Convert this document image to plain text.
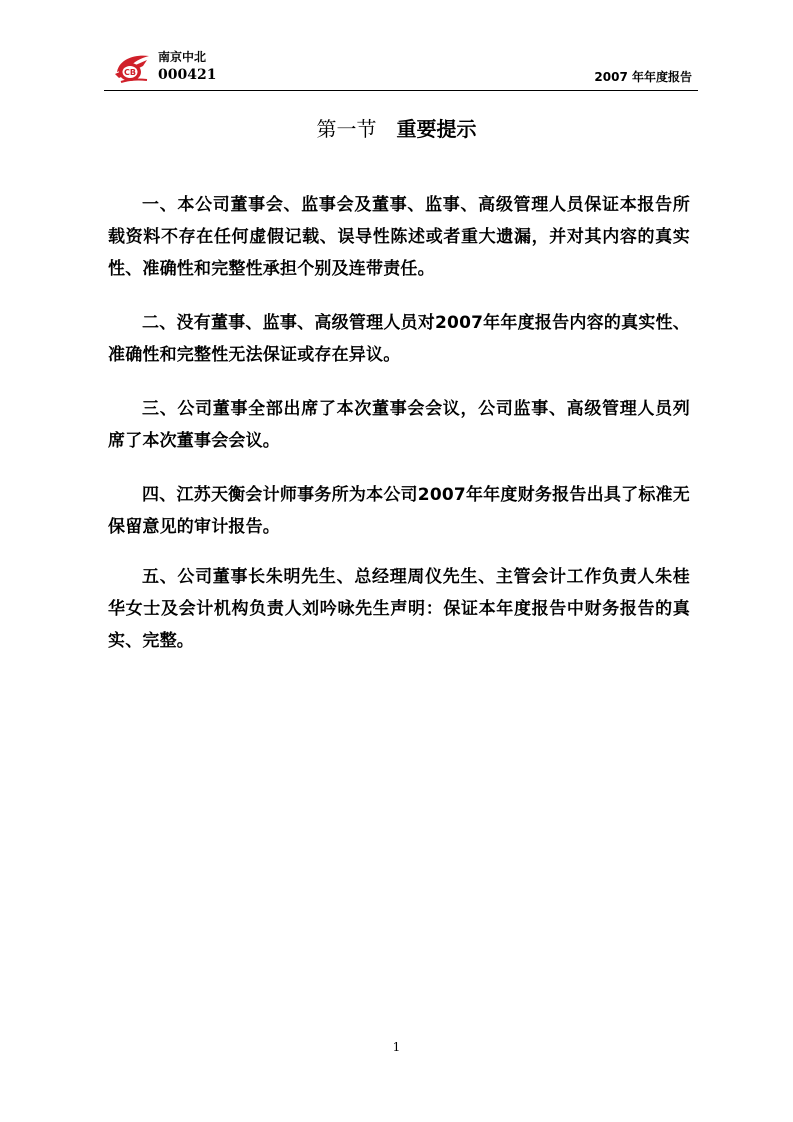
CB
南京中北
000421	2007 年年度报告
第一节 重要提示

一、本公司董事会、监事会及董事、监事、高级管理人员保证本报告所载资料不存在任何虚假记载、误导性陈述或者重大遗漏，并对其内容的真实性、准确性和完整性承担个别及连带责任。

二、没有董事、监事、高级管理人员对2007年年度报告内容的真实性、准确性和完整性无法保证或存在异议。

三、公司董事全部出席了本次董事会会议，公司监事、高级管理人员列席了本次董事会会议。

四、江苏天衡会计师事务所为本公司2007年年度财务报告出具了标准无保留意见的审计报告。

五、公司董事长朱明先生、总经理周仪先生、主管会计工作负责人朱桂华女士及会计机构负责人刘吟咏先生声明：保证本年度报告中财务报告的真实、完整。

1
